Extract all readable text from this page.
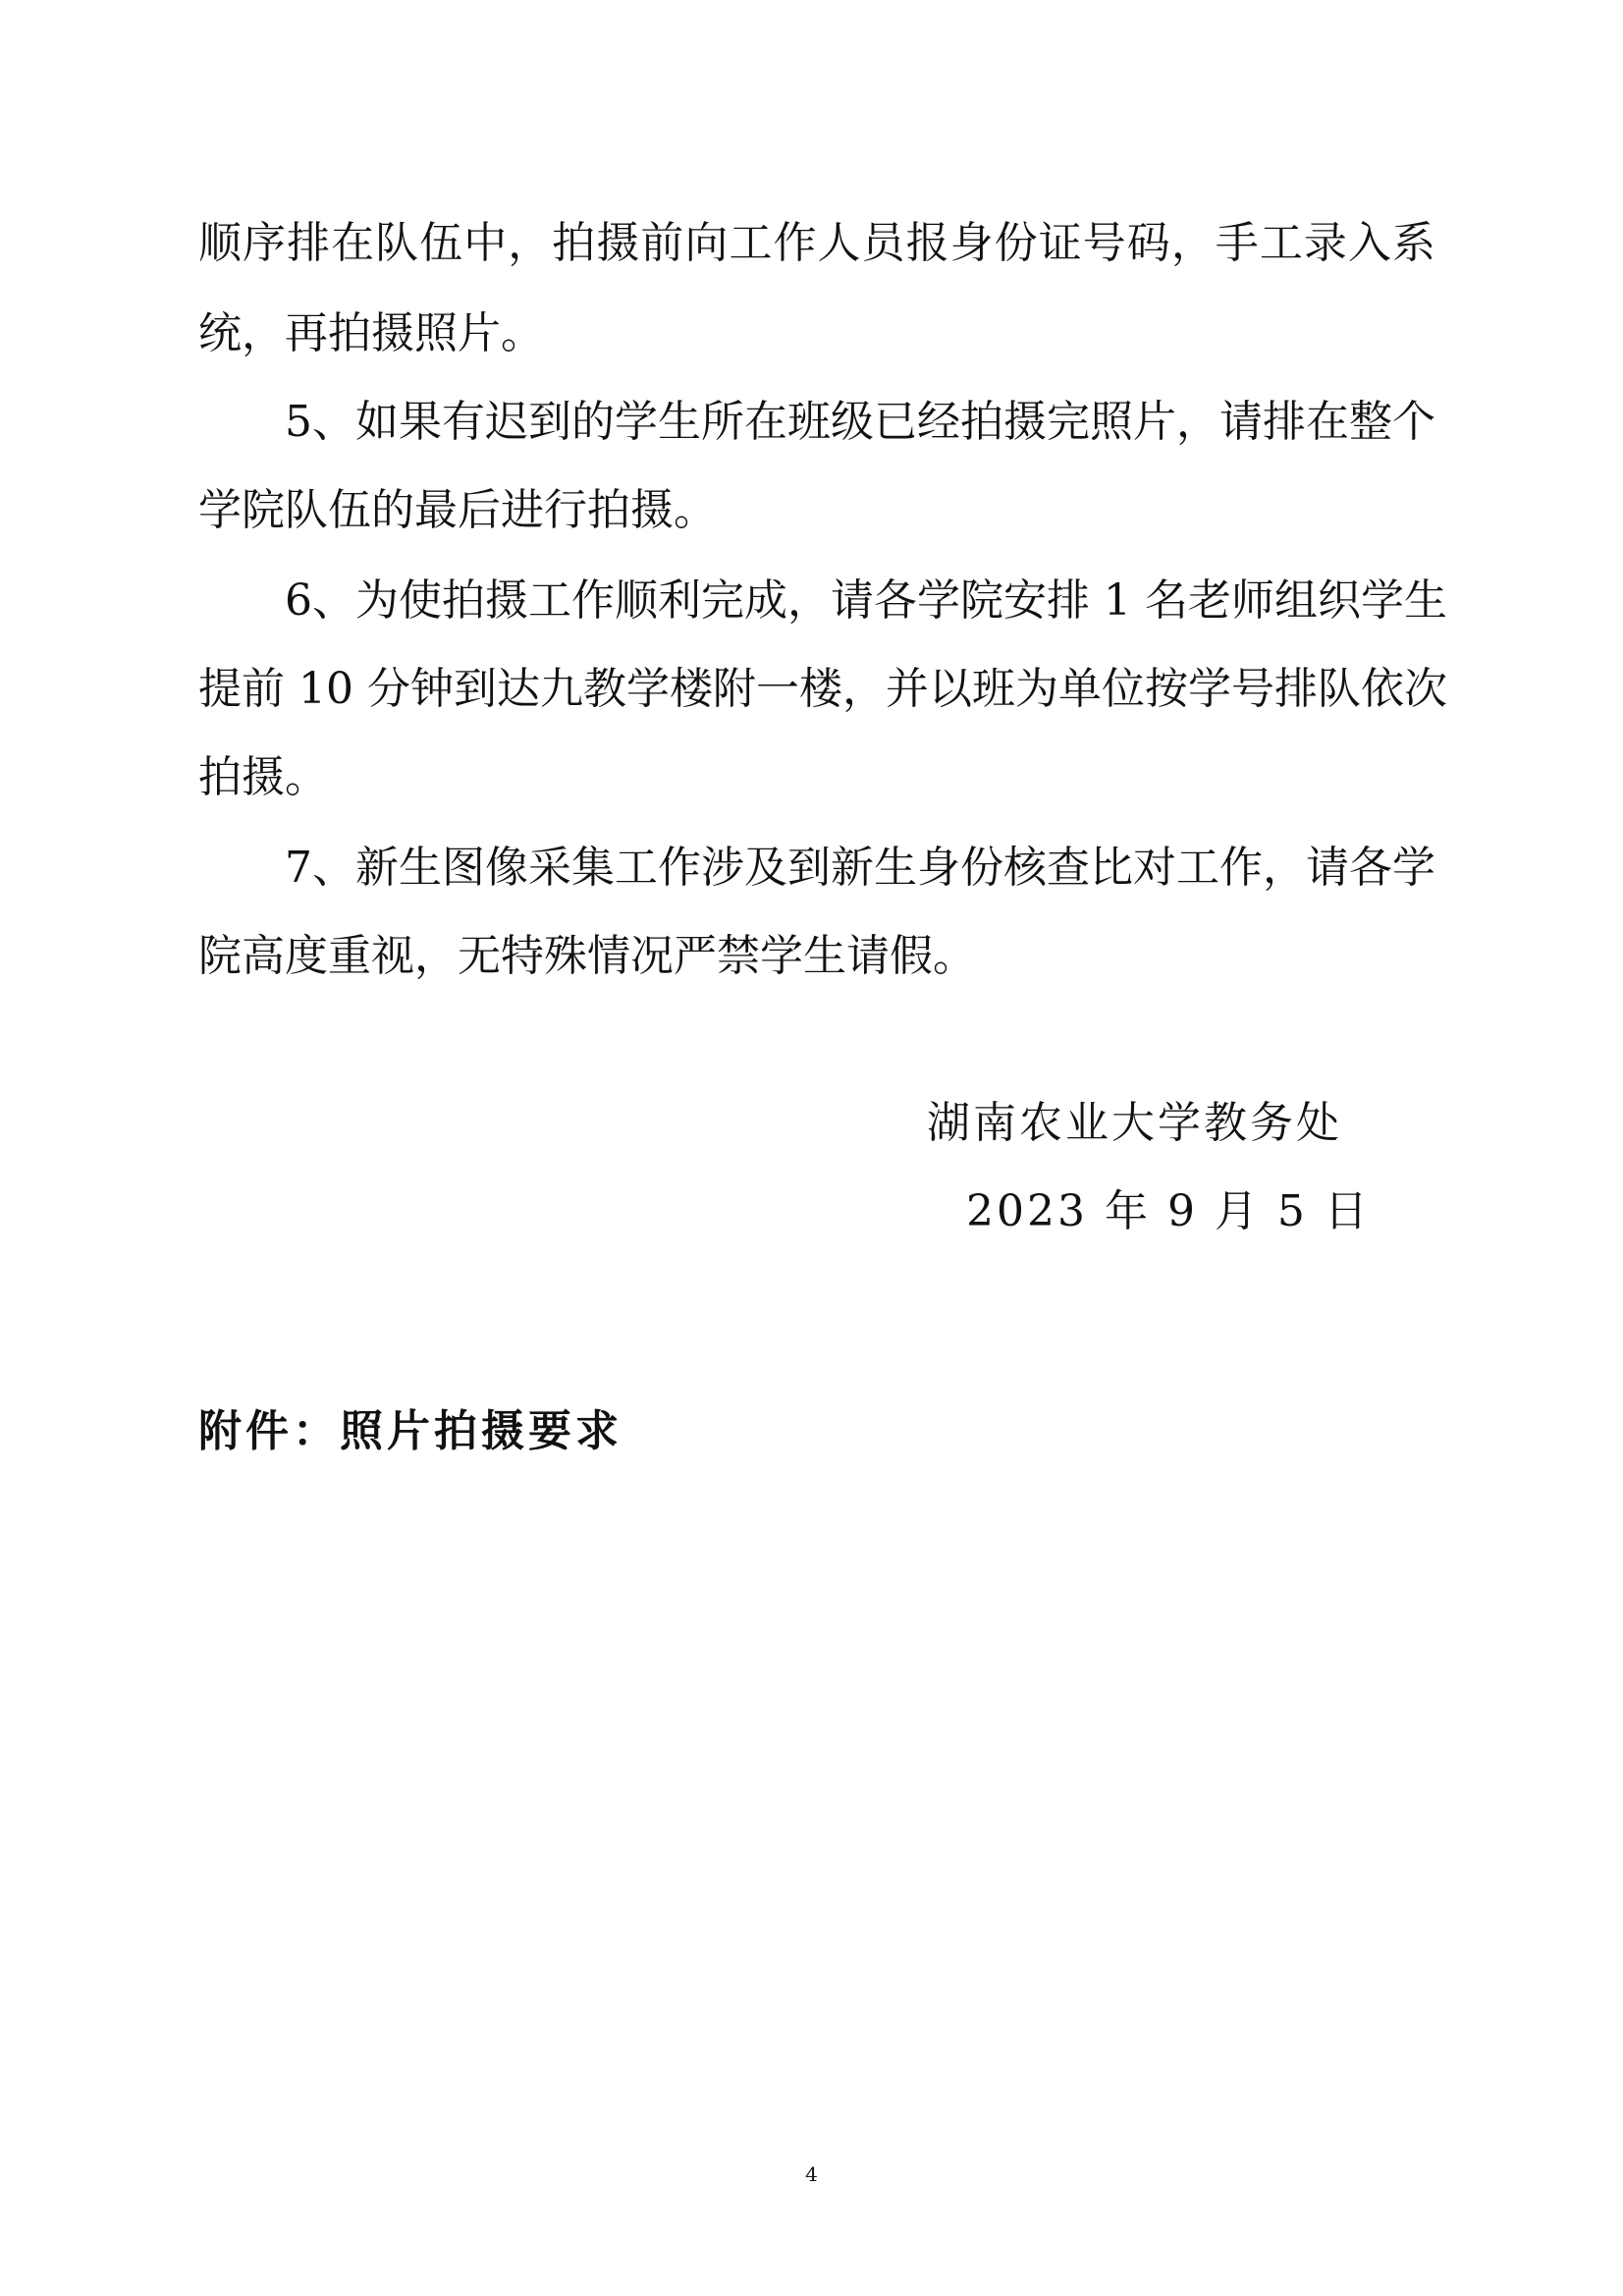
顺序排在队伍中，拍摄前向工作人员报身份证号码，手工录入系
统，再拍摄照片。
5、如果有迟到的学生所在班级已经拍摄完照片，请排在整个
学院队伍的最后进行拍摄。
6、为使拍摄工作顺利完成，请各学院安排 1 名老师组织学生
提前 10 分钟到达九教学楼附一楼，并以班为单位按学号排队依次
拍摄。
7、新生图像采集工作涉及到新生身份核查比对工作，请各学
院高度重视，无特殊情况严禁学生请假。
湖南农业大学教务处
2023 年 9 月 5 日
附件：照片拍摄要求
4
